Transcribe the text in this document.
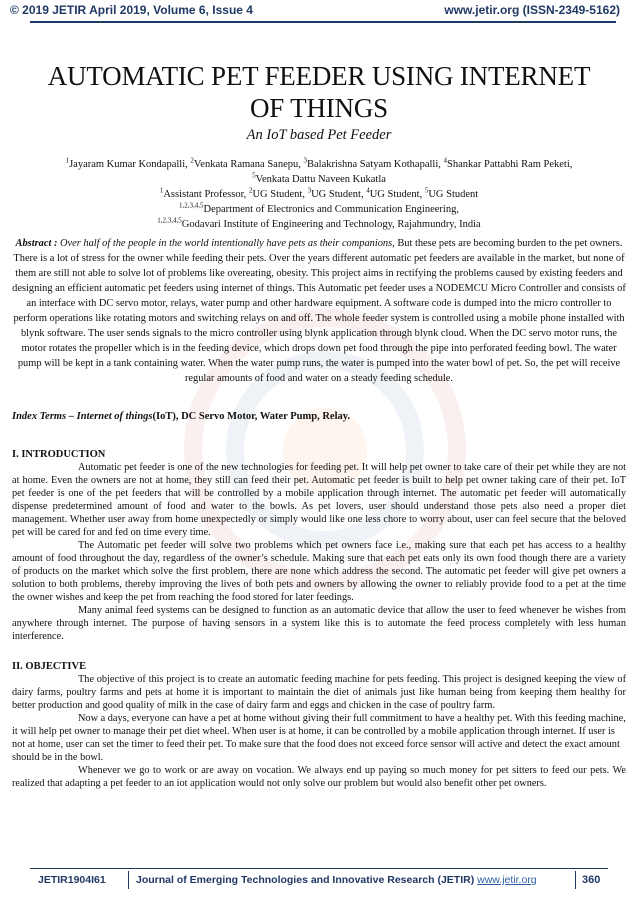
© 2019 JETIR April 2019, Volume 6, Issue 4	www.jetir.org (ISSN-2349-5162)
AUTOMATIC PET FEEDER USING INTERNET
OF THINGS
An IoT based Pet Feeder
$^1$Jayaram Kumar Kondapalli, $^2$Venkata Ramana Sanepu, $^3$Balakrishna Satyam Kothapalli, $^4$Shankar Pattabhi Ram Peketi,
$^5$Venkata Dattu Naveen Kukatla
$^1$Assistant Professor, $^2$UG Student, $^3$UG Student, $^4$UG Student, $^5$UG Student
$^{1,2,3,4,5}$Department of Electronics and Communication Engineering,
$^{1,2,3,4,5}$Godavari Institute of Engineering and Technology, Rajahmundry, India
Abstract : Over half of the people in the world intentionally have pets as their companions, But these pets are becoming burden to the pet owners. There is a lot of stress for the owner while feeding their pets. Over the years different automatic pet feeders are available in the market, but none of them are still not able to solve lot of problems like overeating, obesity. This project aims in rectifying the problems caused by existing feeders and designing an efficient automatic pet feeders using internet of things. This Automatic pet feeder uses a NODEMCU Micro Controller and consists of an interface with DC servo motor, relays, water pump and other hardware equipment. A software code is dumped into the micro controller to perform operations like rotating motors and switching relays on and off. The whole feeder system is controlled using a mobile phone installed with blynk software. The user sends signals to the micro controller using blynk application through blynk cloud. When the DC servo motor runs, the motor rotates the propeller which is in the feeding device, which drops down pet food through the pipe into perforated feeding bowl. The water pump will be kept in a tank containing water. When the water pump runs, the water is pumped into the water bowl of pet. So, the pet will receive regular amounts of food and water on a steady feeding schedule.
Index Terms – Internet of things(IoT), DC Servo Motor, Water Pump, Relay.
I. INTRODUCTION

Automatic pet feeder is one of the new technologies for feeding pet. It will help pet owner to take care of their pet while they are not at home. Even the owners are not at home, they still can feed their pet. Automatic pet feeder is built to help pet owner taking care of their pet. IoT pet feeder is one of the pet feeders that will be controlled by a mobile application through internet. The automatic pet feeder will automatically dispense predetermined amount of food and water to the bowls. As pet lovers, user should understand those pets also need a proper diet management. Whether user away from home unexpectedly or simply would like one less chore to worry about, user can feel secure that the beloved pet will be cared for and fed on time every time.

The Automatic pet feeder will solve two problems which pet owners face i.e., making sure that each pet has access to a healthy amount of food throughout the day, regardless of the owner’s schedule. Making sure that each pet eats only its own food though there are a variety of products on the market which solve the first problem, there are none which address the second. The automatic pet feeder will give pet owners a solution to both problems, thereby improving the lives of both pets and owners by allowing the owner to reliably provide food to a pet at the time the owner wishes and keep the pet from reaching the food stored for later feedings.

Many animal feed systems can be designed to function as an automatic device that allow the user to feed whenever he wishes from anywhere through internet. The purpose of having sensors in a system like this is to automate the feed process completely with less human interference.

II. OBJECTIVE

The objective of this project is to create an automatic feeding machine for pets feeding. This project is designed keeping the view of dairy farms, poultry farms and pets at home it is important to maintain the diet of animals just like human being from keeping them healthy for better production and good quality of milk in the case of dairy farm and eggs and chicken in the case of poultry farm.

Now a days, everyone can have a pet at home without giving their full commitment to have a healthy pet. With this feeding machine, it will help pet owner to manage their pet diet wheel. When user is at home, it can be controlled by a mobile application through internet. If user is not at home, user can set the timer to feed their pet. To make sure that the food does not exceed force sensor will active and detect the exact amount should be in the bowl.

Whenever we go to work or are away on vocation. We always end up paying so much money for pet sitters to feed our pets. We realized that adapting a pet feeder to an iot application would not only solve our problem but would also benefit other pet owners.

JETIR1904I61	Journal of Emerging Technologies and Innovative Research (JETIR) www.jetir.org	360
